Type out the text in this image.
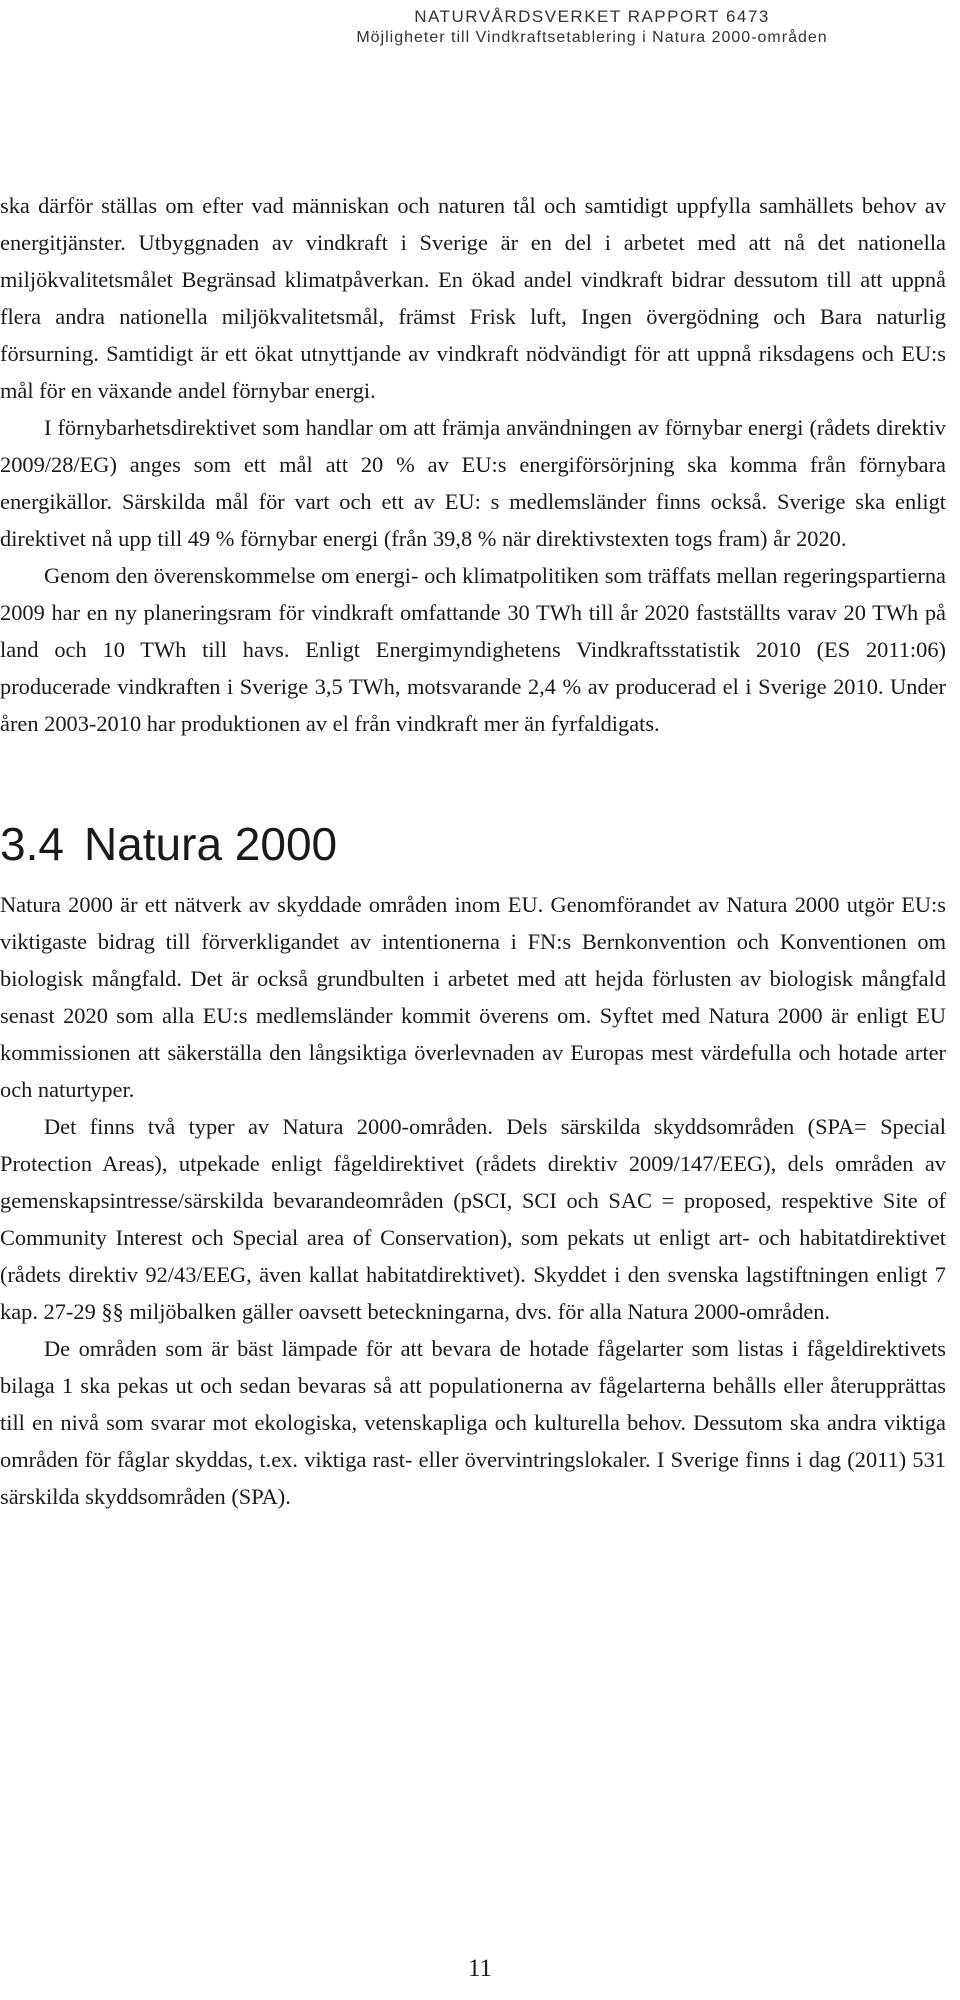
NATURVÅRDSVERKET RAPPORT 6473
Möjligheter till Vindkraftsetablering i Natura 2000-områden

ska därför ställas om efter vad människan och naturen tål och samtidigt uppfylla samhällets behov av energitjänster. Utbyggnaden av vindkraft i Sverige är en del i arbetet med att nå det nationella miljökvalitetsmålet Begränsad klimatpåverkan. En ökad andel vindkraft bidrar dessutom till att uppnå flera andra nationella miljökvalitetsmål, främst Frisk luft, Ingen övergödning och Bara naturlig försurning. Samtidigt är ett ökat utnyttjande av vindkraft nödvändigt för att uppnå riksdagens och EU:s mål för en växande andel förnybar energi.

I förnybarhetsdirektivet som handlar om att främja användningen av förnybar energi (rådets direktiv 2009/28/EG) anges som ett mål att 20 % av EU:s energiförsörjning ska komma från förnybara energikällor. Särskilda mål för vart och ett av EU: s medlemsländer finns också. Sverige ska enligt direktivet nå upp till 49 % förnybar energi (från 39,8 % när direktivstexten togs fram) år 2020.

Genom den överenskommelse om energi- och klimatpolitiken som träffats mellan regeringspartierna 2009 har en ny planeringsram för vindkraft omfattande 30 TWh till år 2020 fastställts varav 20 TWh på land och 10 TWh till havs. Enligt Energimyndighetens Vindkraftsstatistik 2010 (ES 2011:06) producerade vindkraften i Sverige 3,5 TWh, motsvarande 2,4 % av producerad el i Sverige 2010. Under åren 2003-2010 har produktionen av el från vindkraft mer än fyrfaldigats.

3.4 Natura 2000

Natura 2000 är ett nätverk av skyddade områden inom EU. Genomförandet av Natura 2000 utgör EU:s viktigaste bidrag till förverkligandet av intentionerna i FN:s Bernkonvention och Konventionen om biologisk mångfald. Det är också grundbulten i arbetet med att hejda förlusten av biologisk mångfald senast 2020 som alla EU:s medlemsländer kommit överens om. Syftet med Natura 2000 är enligt EU kommissionen att säkerställa den långsiktiga överlevnaden av Europas mest värdefulla och hotade arter och naturtyper.

Det finns två typer av Natura 2000-områden. Dels särskilda skyddsområden (SPA= Special Protection Areas), utpekade enligt fågeldirektivet (rådets direktiv 2009/147/EEG), dels områden av gemenskapsintresse/särskilda bevarandeområden (pSCI, SCI och SAC = proposed, respektive Site of Community Interest och Special area of Conservation), som pekats ut enligt art- och habitatdirektivet (rådets direktiv 92/43/EEG, även kallat habitatdirektivet). Skyddet i den svenska lagstiftningen enligt 7 kap. 27-29 §§ miljöbalken gäller oavsett beteckningarna, dvs. för alla Natura 2000-områden.

De områden som är bäst lämpade för att bevara de hotade fågelarter som listas i fågeldirektivets bilaga 1 ska pekas ut och sedan bevaras så att populationerna av fågelarterna behålls eller återupprättas till en nivå som svarar mot ekologiska, vetenskapliga och kulturella behov. Dessutom ska andra viktiga områden för fåglar skyddas, t.ex. viktiga rast- eller övervintringslokaler. I Sverige finns i dag (2011) 531 särskilda skyddsområden (SPA).

11
